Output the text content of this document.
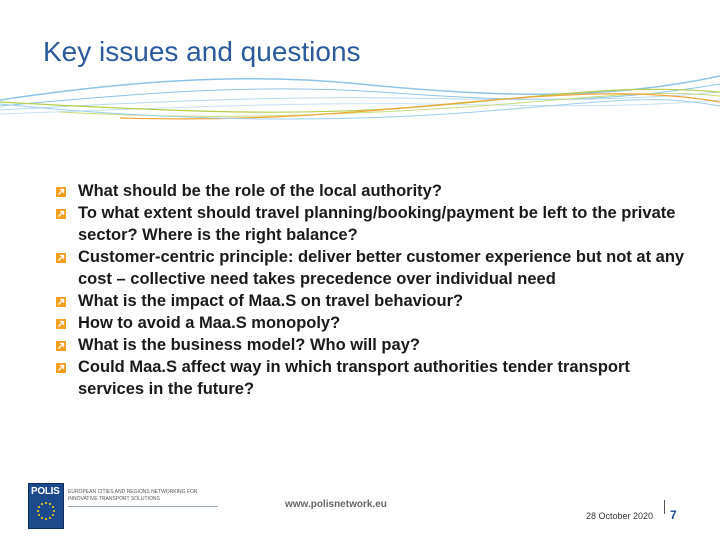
Key issues and questions
What should be the role of the local authority?
To what extent should travel planning/booking/payment be left to the private sector? Where is the right balance?
Customer-centric principle: deliver better customer experience but not at any cost – collective need takes precedence over individual need
What is the impact of Maa.S on travel behaviour?
How to avoid a Maa.S monopoly?
What is the business model? Who will pay?
Could Maa.S affect way in which transport authorities tender transport services in the future?
POLIS EUROPEAN CITIES AND REGIONS NETWORKING FOR INNOVATIVE TRANSPORT SOLUTIONS	www.polisnetwork.eu
28 October 2020 7
